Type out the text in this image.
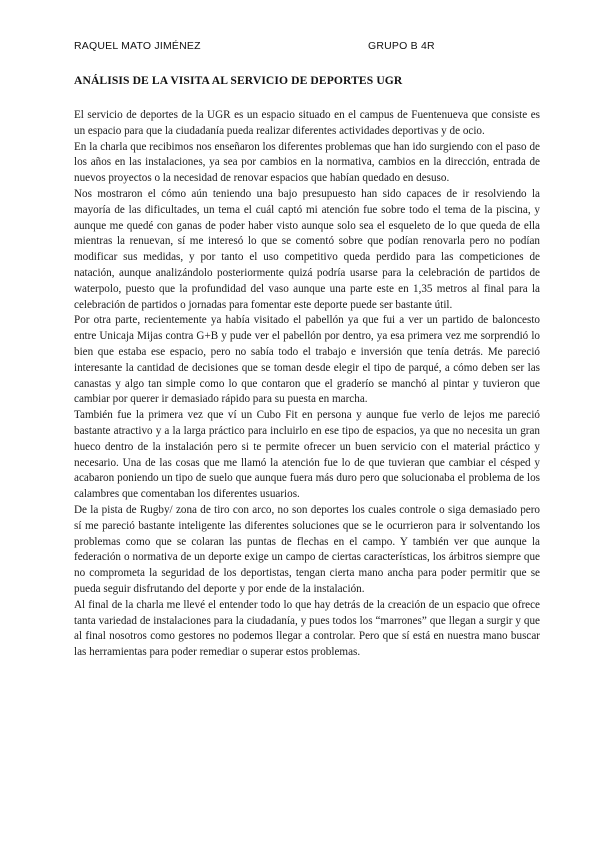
RAQUEL MATO JIMÉNEZ	GRUPO B 4R
ANÁLISIS DE LA VISITA AL SERVICIO DE DEPORTES UGR

El servicio de deportes de la UGR es un espacio situado en el campus de Fuentenueva que consiste es un espacio para que la ciudadanía pueda realizar diferentes actividades deportivas y de ocio.

En la charla que recibimos nos enseñaron los diferentes problemas que han ido surgiendo con el paso de los años en las instalaciones, ya sea por cambios en la normativa, cambios en la dirección, entrada de nuevos proyectos o la necesidad de renovar espacios que habían quedado en desuso.

Nos mostraron el cómo aún teniendo una bajo presupuesto han sido capaces de ir resolviendo la mayoría de las dificultades, un tema el cuál captó mi atención fue sobre todo el tema de la piscina, y aunque me quedé con ganas de poder haber visto aunque solo sea el esqueleto de lo que queda de ella mientras la renuevan, sí me interesó lo que se comentó sobre que podían renovarla pero no podían modificar sus medidas, y por tanto el uso competitivo queda perdido para las competiciones de natación, aunque analizándolo posteriormente quizá podría usarse para la celebración de partidos de waterpolo, puesto que la profundidad del vaso aunque una parte este en 1,35 metros al final para la celebración de partidos o jornadas para fomentar este deporte puede ser bastante útil.

Por otra parte, recientemente ya había visitado el pabellón ya que fui a ver un partido de baloncesto entre Unicaja Mijas contra G+B y pude ver el pabellón por dentro, ya esa primera vez me sorprendió lo bien que estaba ese espacio, pero no sabía todo el trabajo e inversión que tenía detrás. Me pareció interesante la cantidad de decisiones que se toman desde elegir el tipo de parqué, a cómo deben ser las canastas y algo tan simple como lo que contaron que el graderío se manchó al pintar y tuvieron que cambiar por querer ir demasiado rápido para su puesta en marcha.

También fue la primera vez que ví un Cubo Fit en persona y aunque fue verlo de lejos me pareció bastante atractivo y a la larga práctico para incluirlo en ese tipo de espacios, ya que no necesita un gran hueco dentro de la instalación pero si te permite ofrecer un buen servicio con el material práctico y necesario. Una de las cosas que me llamó la atención fue lo de que tuvieran que cambiar el césped y acabaron poniendo un tipo de suelo que aunque fuera más duro pero que solucionaba el problema de los calambres que comentaban los diferentes usuarios.

De la pista de Rugby/ zona de tiro con arco, no son deportes los cuales controle o siga demasiado pero sí me pareció bastante inteligente las diferentes soluciones que se le ocurrieron para ir solventando los problemas como que se colaran las puntas de flechas en el campo. Y también ver que aunque la federación o normativa de un deporte exige un campo de ciertas características, los árbitros siempre que no comprometa la seguridad de los deportistas, tengan cierta mano ancha para poder permitir que se pueda seguir disfrutando del deporte y por ende de la instalación.

Al final de la charla me llevé el entender todo lo que hay detrás de la creación de un espacio que ofrece tanta variedad de instalaciones para la ciudadanía, y pues todos los “marrones” que llegan a surgir y que al final nosotros como gestores no podemos llegar a controlar. Pero que sí está en nuestra mano buscar las herramientas para poder remediar o superar estos problemas.
